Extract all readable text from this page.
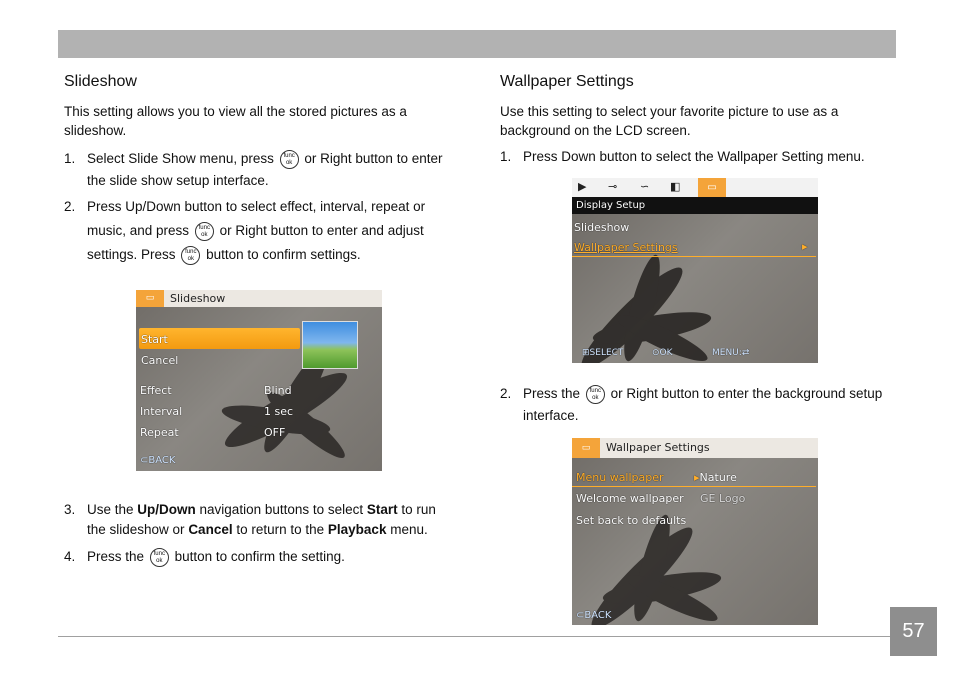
Slideshow

This setting allows you to view all the stored pictures as a slideshow.

1. Select Slide Show menu, press func
ok or Right button to enter the slide show setup interface.
2. Press Up/Down button to select effect, interval, repeat or music, and press func
ok or Right button to enter and adjust settings. Press func
ok button to confirm settings.
▭	Slideshow
Start
Cancel
Effect	Blind
Interval	1 sec
Repeat	OFF
⊂BACK
3. Use the Up/Down navigation buttons to select Start to run the slideshow or Cancel to return to the Playback menu.
4. Press the func
ok button to confirm the setting.
Wallpaper Settings

Use this setting to select your favorite picture to use as a background on the LCD screen.

1. Press Down button to select the Wallpaper Setting menu.
▶ ⊸ ∽ ◧	▭
Display Setup
Slideshow
Wallpaper Settings	▸
⊞SELECT	⊙OK	MENU:⇄
2. Press the func
ok or Right button to enter the background setup interface.
▭	Wallpaper Settings
Menu wallpaper	▸Nature
Welcome wallpaper GE Logo
Set back to defaults
⊂BACK
57
